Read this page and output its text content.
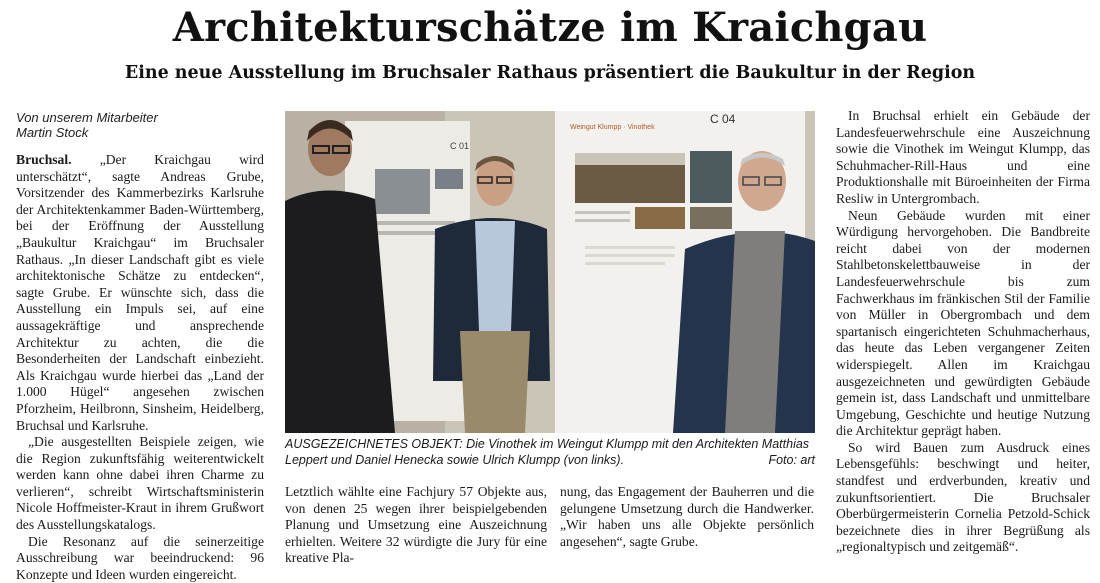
Architekturschätze im Kraichgau
Eine neue Ausstellung im Bruchsaler Rathaus präsentiert die Baukultur in der Region
Von unserem Mitarbeiter
Martin Stock

Bruchsal. „Der Kraichgau wird unterschätzt“, sagte Andreas Grube, Vorsitzender des Kammerbezirks Karlsruhe der Architektenkammer Baden-Württemberg, bei der Eröffnung der Ausstellung „Baukultur Kraichgau“ im Bruchsaler Rathaus. „In dieser Landschaft gibt es viele architektonische Schätze zu entdecken“, sagte Grube. Er wünschte sich, dass die Ausstellung ein Impuls sei, auf eine aussagekräftige und ansprechende Architektur zu achten, die die Besonderheiten der Landschaft einbezieht. Als Kraichgau wurde hierbei das „Land der 1.000 Hügel“ angesehen zwischen Pforzheim, Heilbronn, Sinsheim, Heidelberg, Bruchsal und Karlsruhe.

„Die ausgestellten Beispiele zeigen, wie die Region zukunftsfähig weiterentwickelt werden kann ohne dabei ihren Charme zu verlieren“, schreibt Wirtschaftsministerin Nicole Hoffmeister-Kraut in ihrem Grußwort des Ausstellungskatalogs.

Die Resonanz auf die seinerzeitige Ausschreibung war beeindruckend: 96 Konzepte und Ideen wurden eingereicht.

C 01
Weingut Klumpp · Vinothek
C 04
AUSGEZEICHNETES OBJEKT: Die Vinothek im Weingut Klumpp mit den Architekten Matthias Leppert und Daniel Henecka sowie Ulrich Klumpp (von links).	Foto: art

Letztlich wählte eine Fachjury 57 Objekte aus, von denen 25 wegen ihrer beispielgebenden Planung und Umsetzung eine Auszeichnung erhielten. Weitere 32 würdigte die Jury für eine kreative Pla-

nung, das Engagement der Bauherren und die gelungene Umsetzung durch die Handwerker. „Wir haben uns alle Objekte persönlich angesehen“, sagte Grube.

In Bruchsal erhielt ein Gebäude der Landesfeuerwehrschule eine Auszeichnung sowie die Vinothek im Weingut Klumpp, das Schuhmacher-Rill-Haus und eine Produktionshalle mit Büroeinheiten der Firma Resliw in Untergrombach.

Neun Gebäude wurden mit einer Würdigung hervorgehoben. Die Bandbreite reicht dabei von der modernen Stahlbetonskelettbauweise in der Landesfeuerwehrschule bis zum Fachwerkhaus im fränkischen Stil der Familie von Müller in Obergrombach und dem spartanisch eingerichteten Schuhmacherhaus, das heute das Leben vergangener Zeiten widerspiegelt. Allen im Kraichgau ausgezeichneten und gewürdigten Gebäude gemein ist, dass Landschaft und unmittelbare Umgebung, Geschichte und heutige Nutzung die Architektur geprägt haben.

So wird Bauen zum Ausdruck eines Lebensgefühls: beschwingt und heiter, standfest und erdverbunden, kreativ und zukunftsorientiert. Die Bruchsaler Oberbürgermeisterin Cornelia Petzold-Schick bezeichnete dies in ihrer Begrüßung als „regionaltypisch und zeitgemäß“.
